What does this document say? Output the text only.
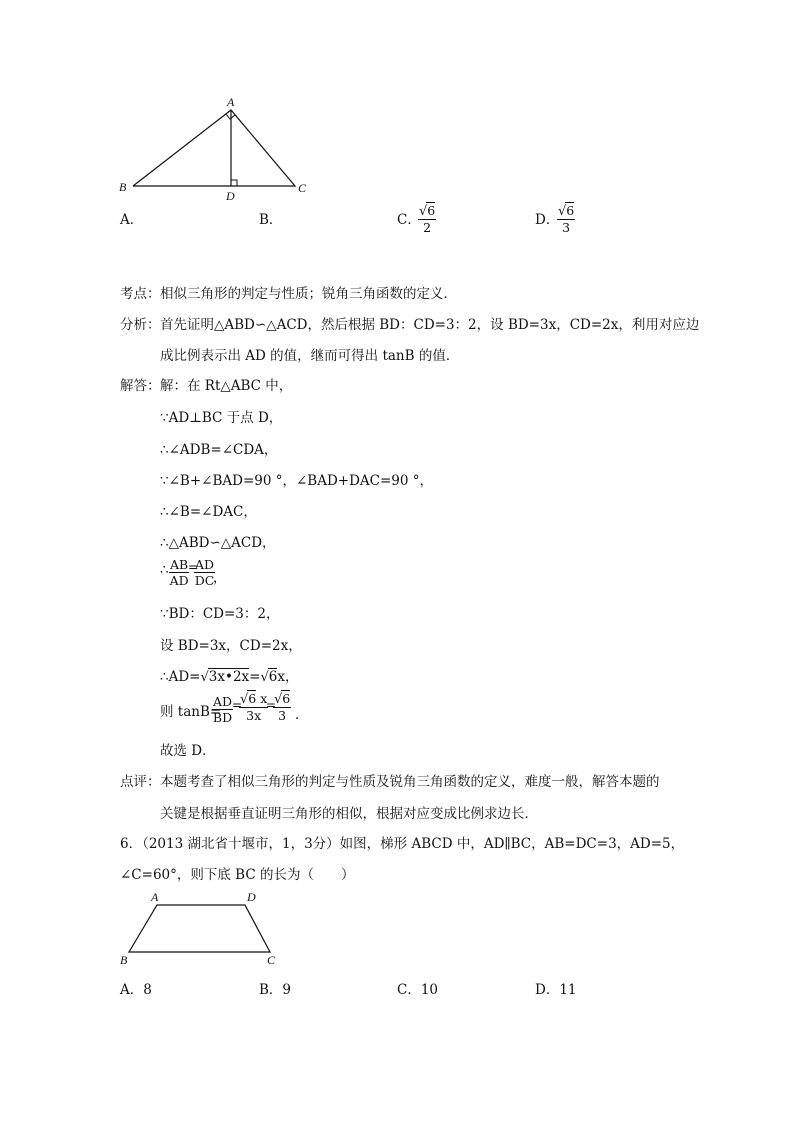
A
B	C
D
A．	B．	C．
$\frac{√6}{2}$	D．
$\frac{√6}{3}$
考点： 相似三角形的判定与性质；锐角三角函数的定义．
分析： 首先证明△ABD∽△ACD，然后根据 BD：CD=3：2，设 BD=3x，CD=2x，利用对应边
成比例表示出 AD 的值，继而可得出 tanB 的值．
解答： 解：在 Rt△ABC 中，
∵AD⊥BC 于点 D，
∴∠ADB=∠CDA，
∵∠B+∠BAD=90 °，∠BAD+DAC=90 °，
∴∠B=∠DAC，
∴△ABD∽△ACD，
∴ $\frac{AB}{AD}$
=
$\frac{AD}{DC}$
，
∵BD：CD=3：2，
设 BD=3x，CD=2x，
∴AD=√3x•2x=√6x，
则 tanB=
$\frac{AD}{BD}$
=
$\frac{√6 x}{3x}$
=
$\frac{√6}{3}$ ．
故选 D．
点评： 本题考查了相似三角形的判定与性质及锐角三角函数的定义，难度一般，解答本题的
关键是根据垂直证明三角形的相似，根据对应变成比例求边长．
6．（2013 湖北省十堰市，1，3分）如图，梯形 ABCD 中，AD∥BC，AB=DC=3，AD=5，
∠C=60°，则下底 BC 的长为（　　）
A	D
B	C
A．8	B．9	C．10	D．11
